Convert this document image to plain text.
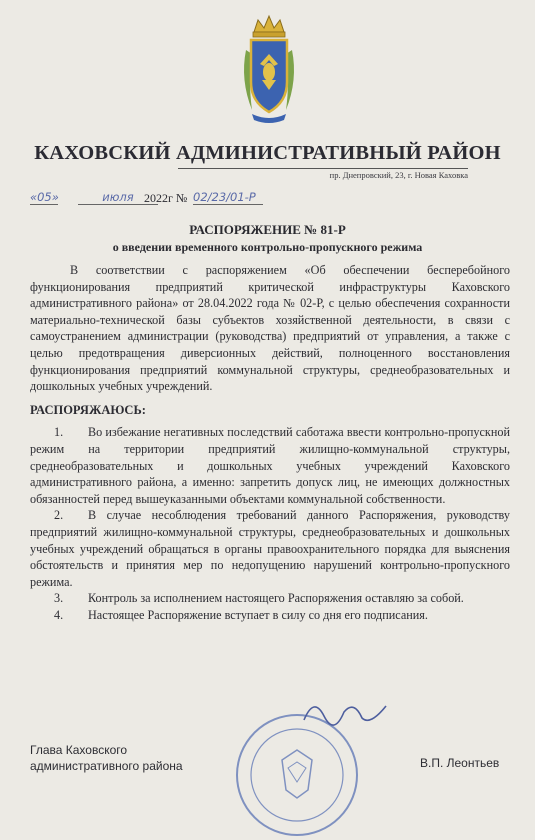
КАХОВСКИЙ АДМИНИСТРАТИВНЫЙ РАЙОН
пр. Днепровский, 23, г. Новая Каховка
«05»	июля 2022г № 02/23/01-Р
РАСПОРЯЖЕНИЕ № 81-Р
о введении временного контрольно-пропускного режима

В соответствии с распоряжением «Об обеспечении бесперебойного функционирования предприятий критической инфраструктуры Каховского административного района» от 28.04.2022 года № 02-Р, с целью обеспечения сохранности материально-технической базы субъектов хозяйственной деятельности, в связи с самоустранением администрации (руководства) предприятий от управления, а также с целью предотвращения диверсионных действий, полноценного восстановления функционирования предприятий коммунальной структуры, среднеобразовательных и дошкольных учебных учреждений.

РАСПОРЯЖАЮСЬ:

1. Во избежание негативных последствий саботажа ввести контрольно-пропускной режим на территории предприятий жилищно-коммунальной структуры, среднеобразовательных и дошкольных учебных учреждений Каховского административного района, а именно: запретить допуск лиц, не имеющих должностных обязанностей перед вышеуказанными объектами коммунальной собственности.

2. В случае несоблюдения требований данного Распоряжения, руководству предприятий жилищно-коммунальной структуры, среднеобразовательных и дошкольных учебных учреждений обращаться в органы правоохранительного порядка для выяснения обстоятельств и принятия мер по недопущению нарушений контрольно-пропускного режима.

3. Контроль за исполнением настоящего Распоряжения оставляю за собой.

4. Настоящее Распоряжение вступает в силу со дня его подписания.

Глава Каховского
административного района	В.П. Леонтьев
